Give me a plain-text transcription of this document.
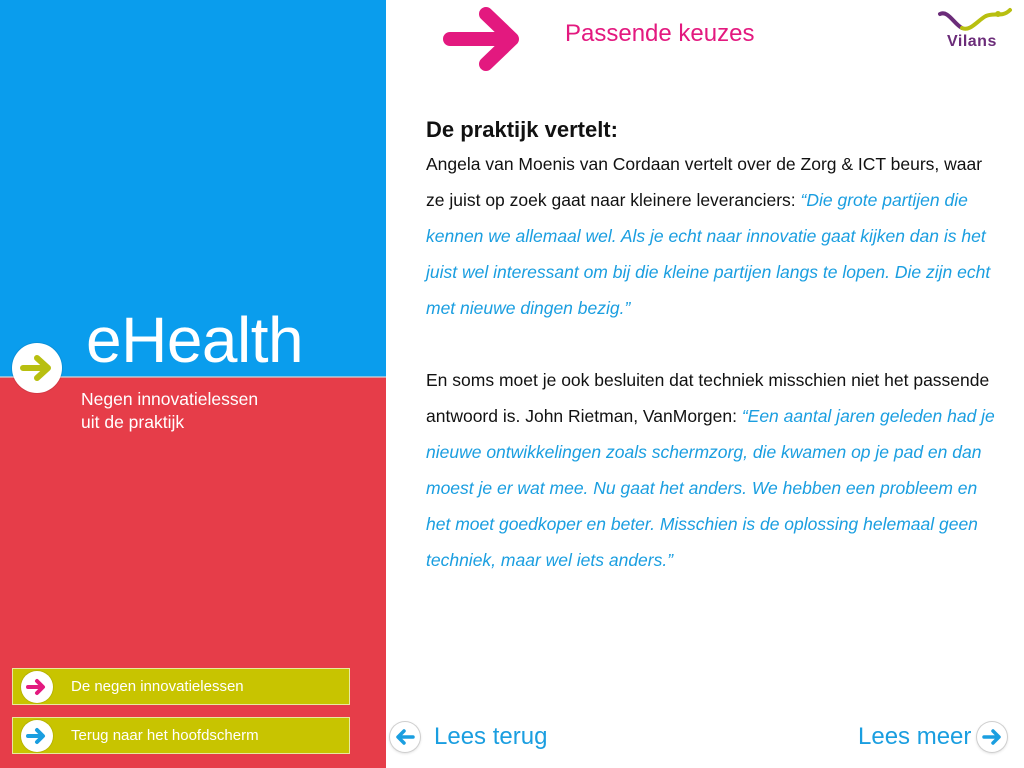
eHealth
Negen innovatielessen
uit de praktijk
De negen innovatielessen
Terug naar het hoofdscherm
Passende keuzes	Vilans

De praktijk vertelt:

Angela van Moenis van Cordaan vertelt over de Zorg & ICT beurs, waar ze juist op zoek gaat naar kleinere leveranciers: “Die grote partijen die kennen we allemaal wel. Als je echt naar innovatie gaat kijken dan is het juist wel interessant om bij die kleine partijen langs te lopen. Die zijn echt met nieuwe dingen bezig.”

En soms moet je ook besluiten dat techniek misschien niet het passende antwoord is. John Rietman, VanMorgen: “Een aantal jaren geleden had je nieuwe ontwikkelingen zoals schermzorg, die kwamen op je pad en dan moest je er wat mee. Nu gaat het anders. We hebben een probleem en het moet goedkoper en beter. Misschien is de oplossing helemaal geen techniek, maar wel iets anders.”

Lees terug	Lees meer
